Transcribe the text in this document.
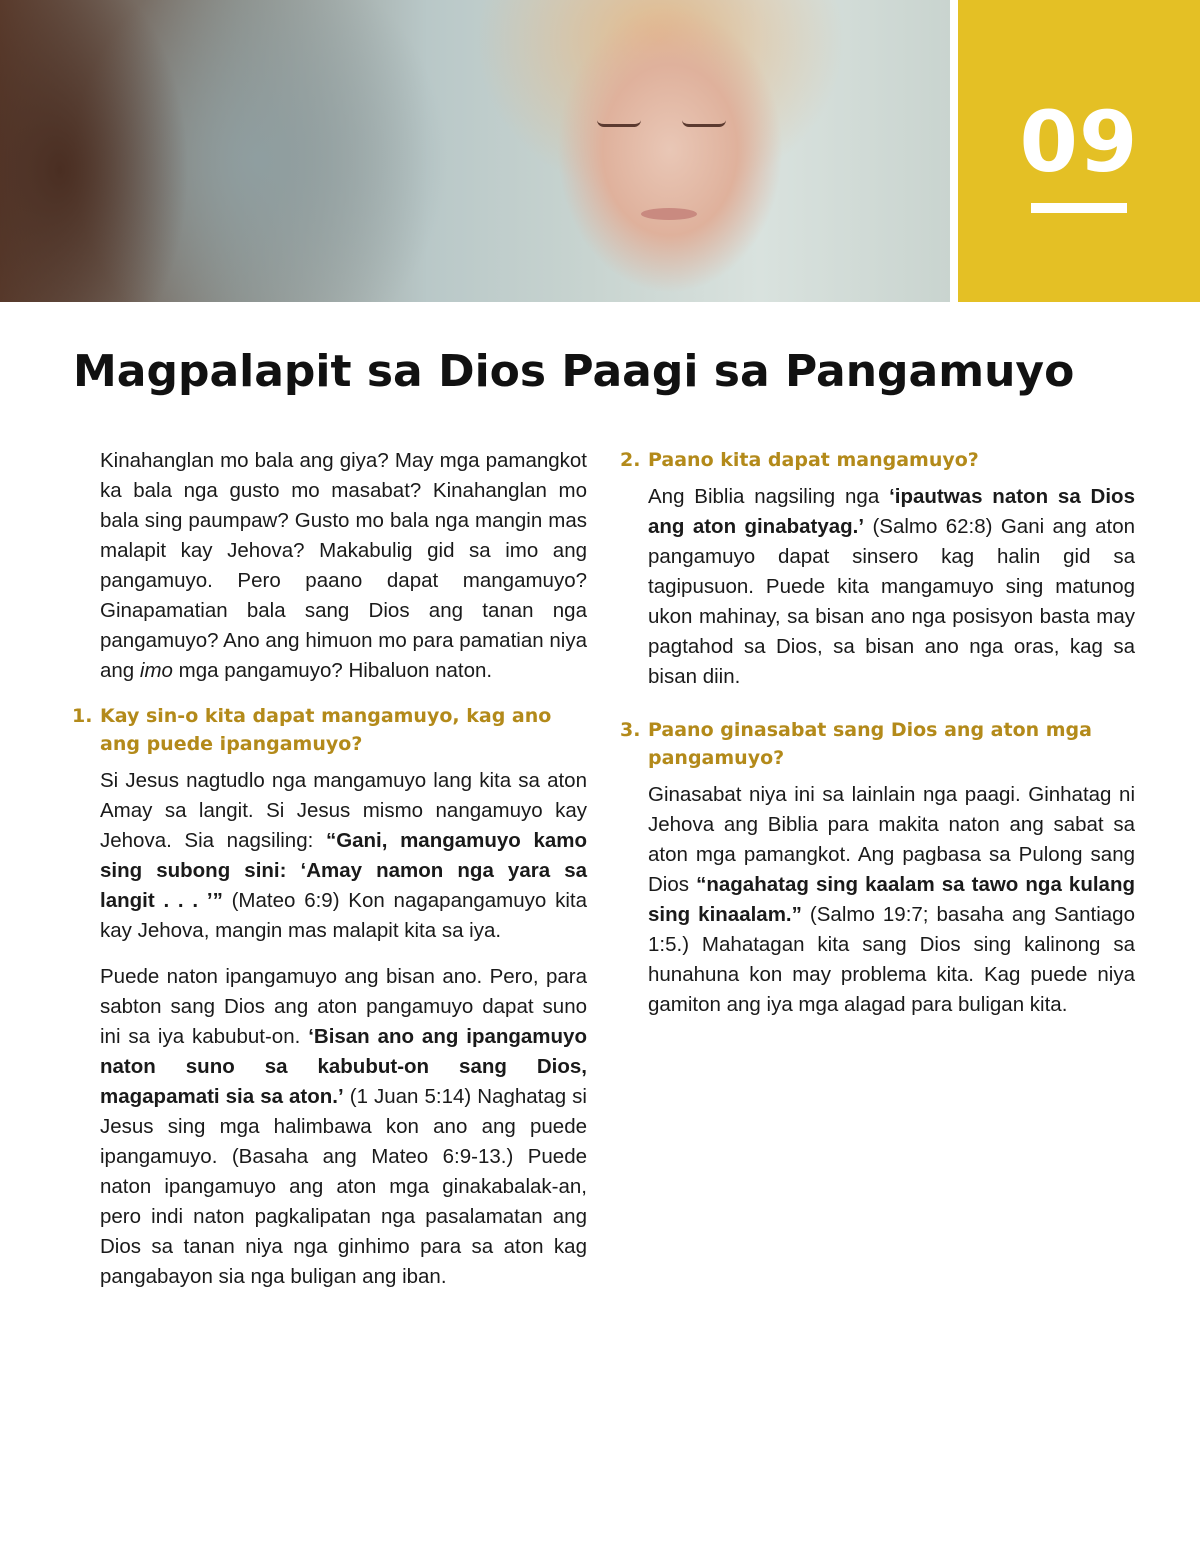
09
Magpalapit sa Dios Paagi sa Pangamuyo

Kinahanglan mo bala ang giya? May mga pamangkot ka bala nga gusto mo masabat? Kinahanglan mo bala sing paumpaw? Gusto mo bala nga mangin mas malapit kay Jehova? Makabulig gid sa imo ang pangamuyo. Pero paano dapat mangamuyo? Ginapamatian bala sang Dios ang tanan nga pangamuyo? Ano ang himuon mo para pamatian niya ang imo mga pangamuyo? Hibaluon naton.

1. Kay sin-o kita dapat mangamuyo, kag ano ang puede ipangamuyo?

Si Jesus nagtudlo nga mangamuyo lang kita sa aton Amay sa langit. Si Jesus mismo nangamuyo kay Jehova. Sia nagsiling: “Gani, mangamuyo kamo sing subong sini: ‘Amay namon nga yara sa langit . . . ’” (Mateo 6:9) Kon nagapangamuyo kita kay Jehova, mangin mas malapit kita sa iya.

Puede naton ipangamuyo ang bisan ano. Pero, para sabton sang Dios ang aton pangamuyo dapat suno ini sa iya kabubut-on. ‘Bisan ano ang ipangamuyo naton suno sa kabubut-on sang Dios, magapamati sia sa aton.’ (1 Juan 5:14) Naghatag si Jesus sing mga halimbawa kon ano ang puede ipangamuyo. (Basaha ang Mateo 6:9-13.) Puede naton ipangamuyo ang aton mga ginakabalak-an, pero indi naton pagkalipatan nga pasalamatan ang Dios sa tanan niya nga ginhimo para sa aton kag pangabayon sia nga buligan ang iban.

2. Paano kita dapat mangamuyo?

Ang Biblia nagsiling nga ‘ipautwas naton sa Dios ang aton ginabatyag.’ (Salmo 62:8) Gani ang aton pangamuyo dapat sinsero kag halin gid sa tagipusuon. Puede kita mangamuyo sing matunog ukon mahinay, sa bisan ano nga posisyon basta may pagtahod sa Dios, sa bisan ano nga oras, kag sa bisan diin.

3. Paano ginasabat sang Dios ang aton mga pangamuyo?

Ginasabat niya ini sa lainlain nga paagi. Ginhatag ni Jehova ang Biblia para makita naton ang sabat sa aton mga pamangkot. Ang pagbasa sa Pulong sang Dios “nagahatag sing kaalam sa tawo nga kulang sing kinaalam.” (Salmo 19:7; basaha ang Santiago 1:5.) Mahatagan kita sang Dios sing kalinong sa hunahuna kon may problema kita. Kag puede niya gamiton ang iya mga alagad para buligan kita.
